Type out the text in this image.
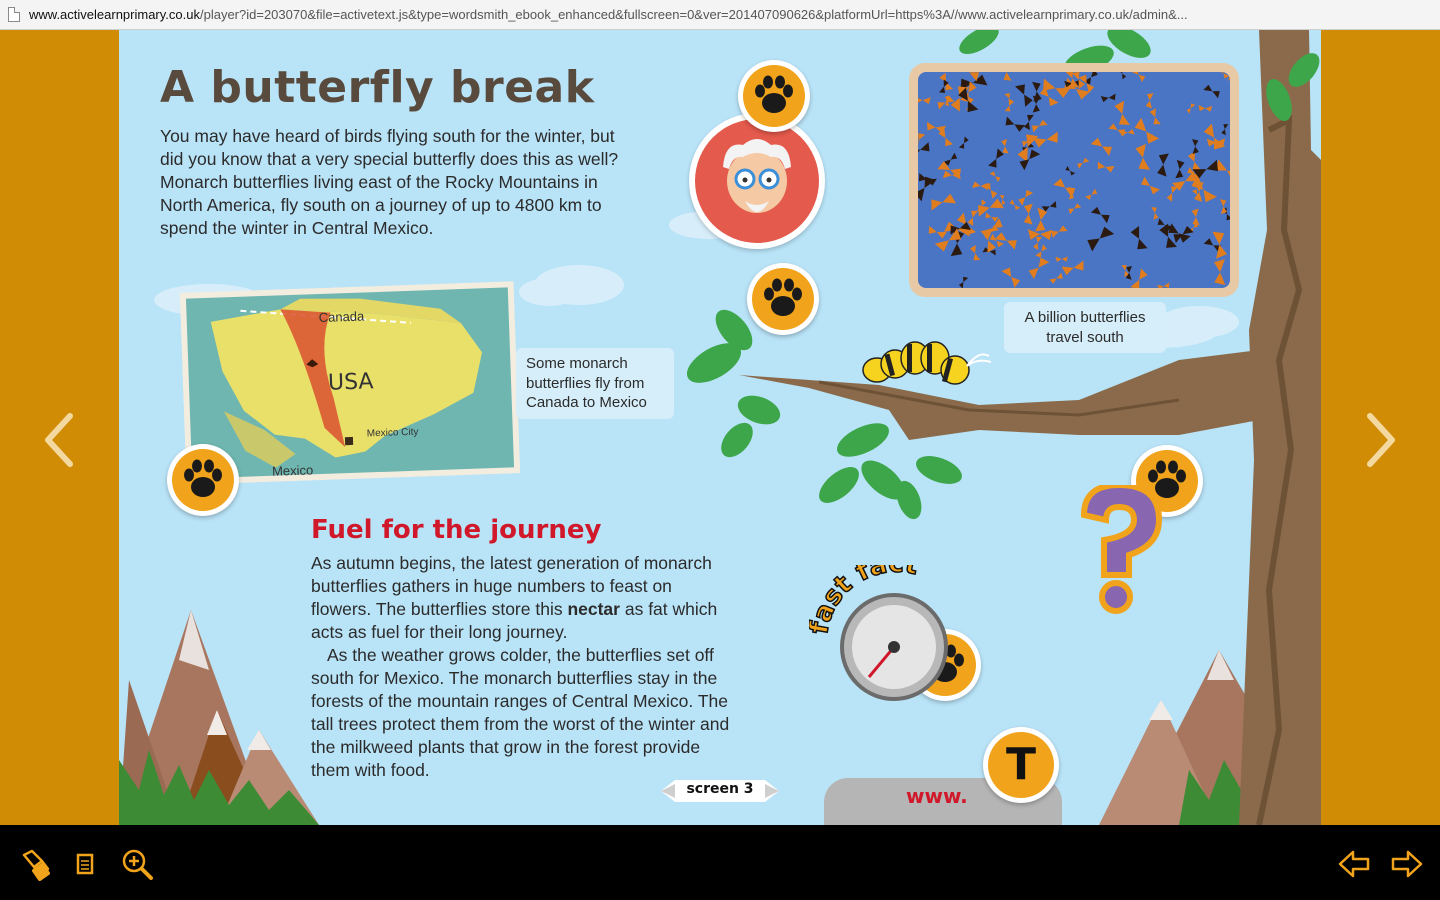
www.activelearnprimary.co.uk/player?id=203070&file=activetext.js&type=wordsmith_ebook_enhanced&fullscreen=0&ver=201407090626&platformUrl=https%3A//www.activelearnprimary.co.uk/admin&...
A butterfly break
You may have heard of birds flying south for the winter, but did you know that a very special butterfly does this as well? Monarch butterflies living east of the Rocky Mountains in North America, fly south on a journey of up to 4800 km to spend the winter in Central Mexico.
Canada
USA
Mexico City
Mexico
Some monarch butterflies fly from Canada to Mexico
A billion butterflies travel south
ast fa t
Fuel for the journey

As autumn begins, the latest generation of monarch butterflies gathers in huge numbers to feast on flowers. The butterflies store this nectar as fat which acts as fuel for their long journey.

As the weather grows colder, the butterflies set off south for Mexico. The monarch butterflies stay in the forests of the mountain ranges of Central Mexico. The tall trees protect them from the worst of the winter and the milkweed plants that grow in the forest provide them with food.

screen 3	www.
T
